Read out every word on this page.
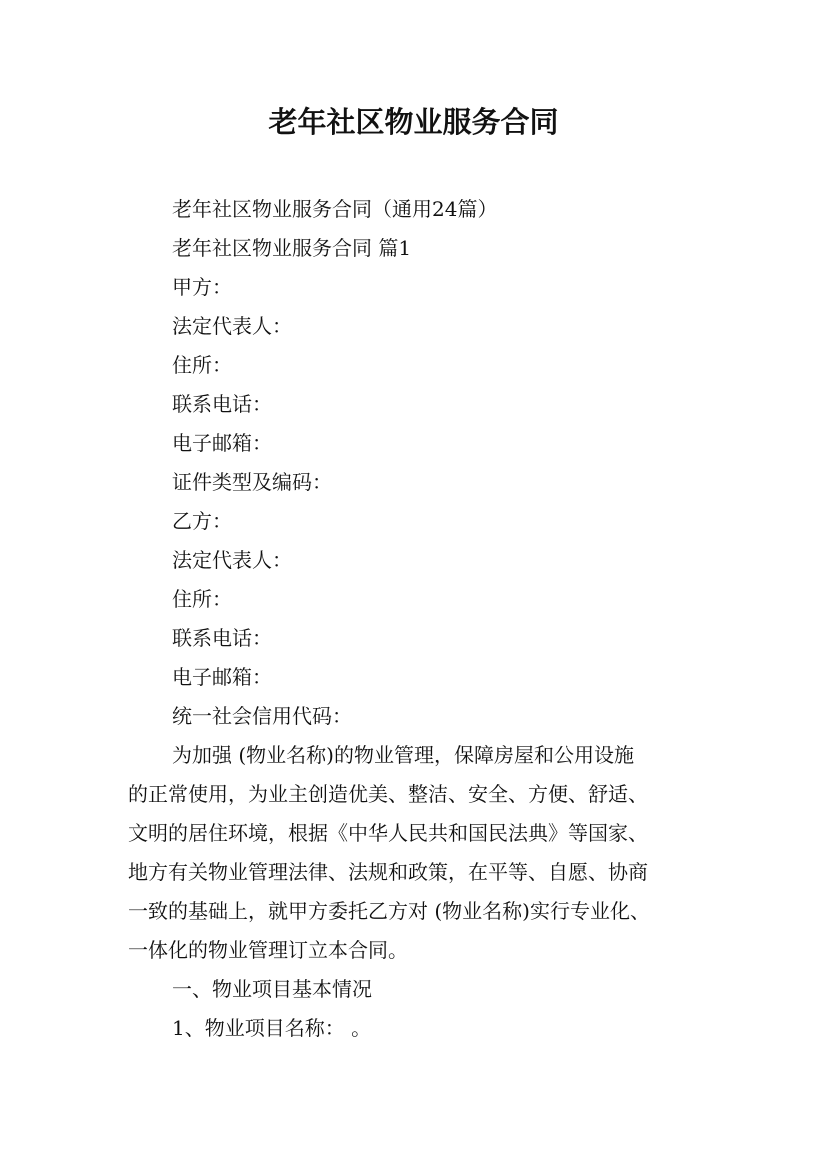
老年社区物业服务合同

老年社区物业服务合同（通用24篇）

老年社区物业服务合同 篇1

甲方：

法定代表人：

住所：

联系电话：

电子邮箱：

证件类型及编码：

乙方：

法定代表人：

住所：

联系电话：

电子邮箱：

统一社会信用代码：

为加强 (物业名称)的物业管理，保障房屋和公用设施
的正常使用，为业主创造优美、整洁、安全、方便、舒适、
文明的居住环境，根据《中华人民共和国民法典》等国家、
地方有关物业管理法律、法规和政策，在平等、自愿、协商
一致的基础上，就甲方委托乙方对 (物业名称)实行专业化、
一体化的物业管理订立本合同。

一、物业项目基本情况

1、物业项目名称： 。
